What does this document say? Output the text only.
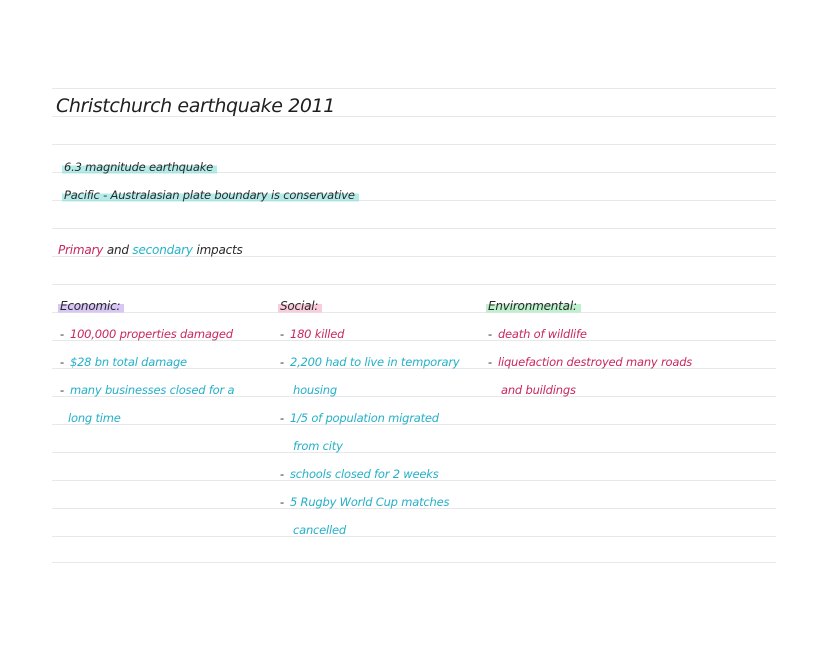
Christchurch earthquake 2011
6.3 magnitude earthquake
Pacific - Australasian plate boundary is conservative
Primary and secondary impacts
Economic:	Social:	Environmental:
- 100,000 properties damaged
- $28 bn total damage
- many businesses closed for a
long time
- 180 killed
- 2,200 had to live in temporary
housing
- 1/5 of population migrated
from city
- schools closed for 2 weeks
- 5 Rugby World Cup matches
cancelled
- death of wildlife
- liquefaction destroyed many roads
and buildings
